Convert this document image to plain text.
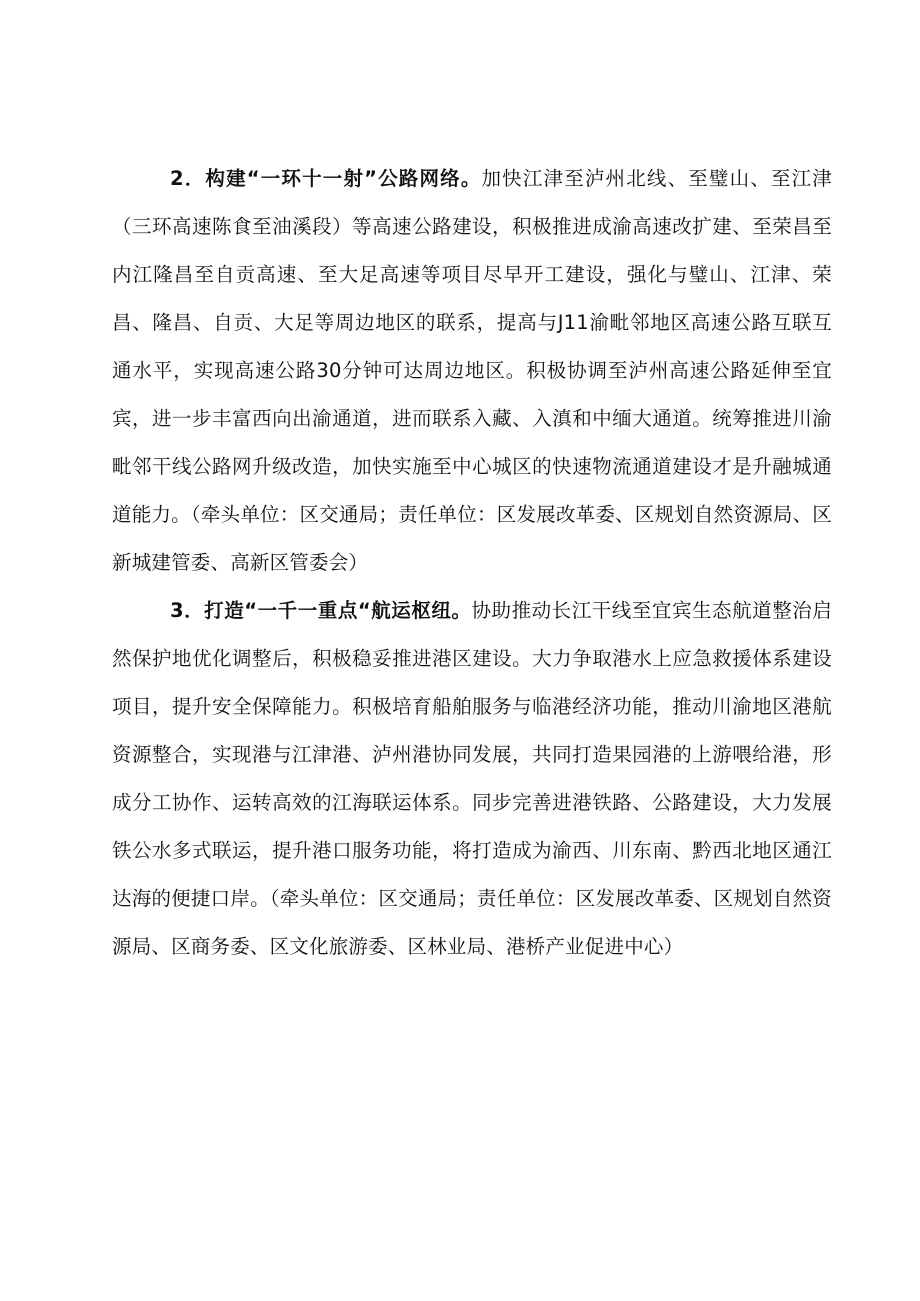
2．构建“一环十一射”公路网络。加快江津至泸州北线、至璧山、至江津（三环高速陈食至油溪段）等高速公路建设，积极推进成渝高速改扩建、至荣昌至内江隆昌至自贡高速、至大足高速等项目尽早开工建设，强化与璧山、江津、荣昌、隆昌、自贡、大足等周边地区的联系，提高与J11渝毗邻地区高速公路互联互通水平，实现高速公路30分钟可达周边地区。积极协调至泸州高速公路延伸至宜宾，进一步丰富西向出渝通道，进而联系入藏、入滇和中缅大通道。统筹推进川渝毗邻干线公路网升级改造，加快实施至中心城区的快速物流通道建设才是升融城通道能力。（牵头单位：区交通局；责任单位：区发展改革委、区规划自然资源局、区新城建管委、高新区管委会）

3．打造“一千一重点“航运枢纽。协助推动长江干线至宜宾生态航道整治启然保护地优化调整后，积极稳妥推进港区建设。大力争取港水上应急救援体系建设项目，提升安全保障能力。积极培育船舶服务与临港经济功能，推动川渝地区港航资源整合，实现港与江津港、泸州港协同发展，共同打造果园港的上游喂给港，形成分工协作、运转高效的江海联运体系。同步完善进港铁路、公路建设，大力发展铁公水多式联运，提升港口服务功能，将打造成为渝西、川东南、黔西北地区通江达海的便捷口岸。（牵头单位：区交通局；责任单位：区发展改革委、区规划自然资源局、区商务委、区文化旅游委、区林业局、港桥产业促进中心）
